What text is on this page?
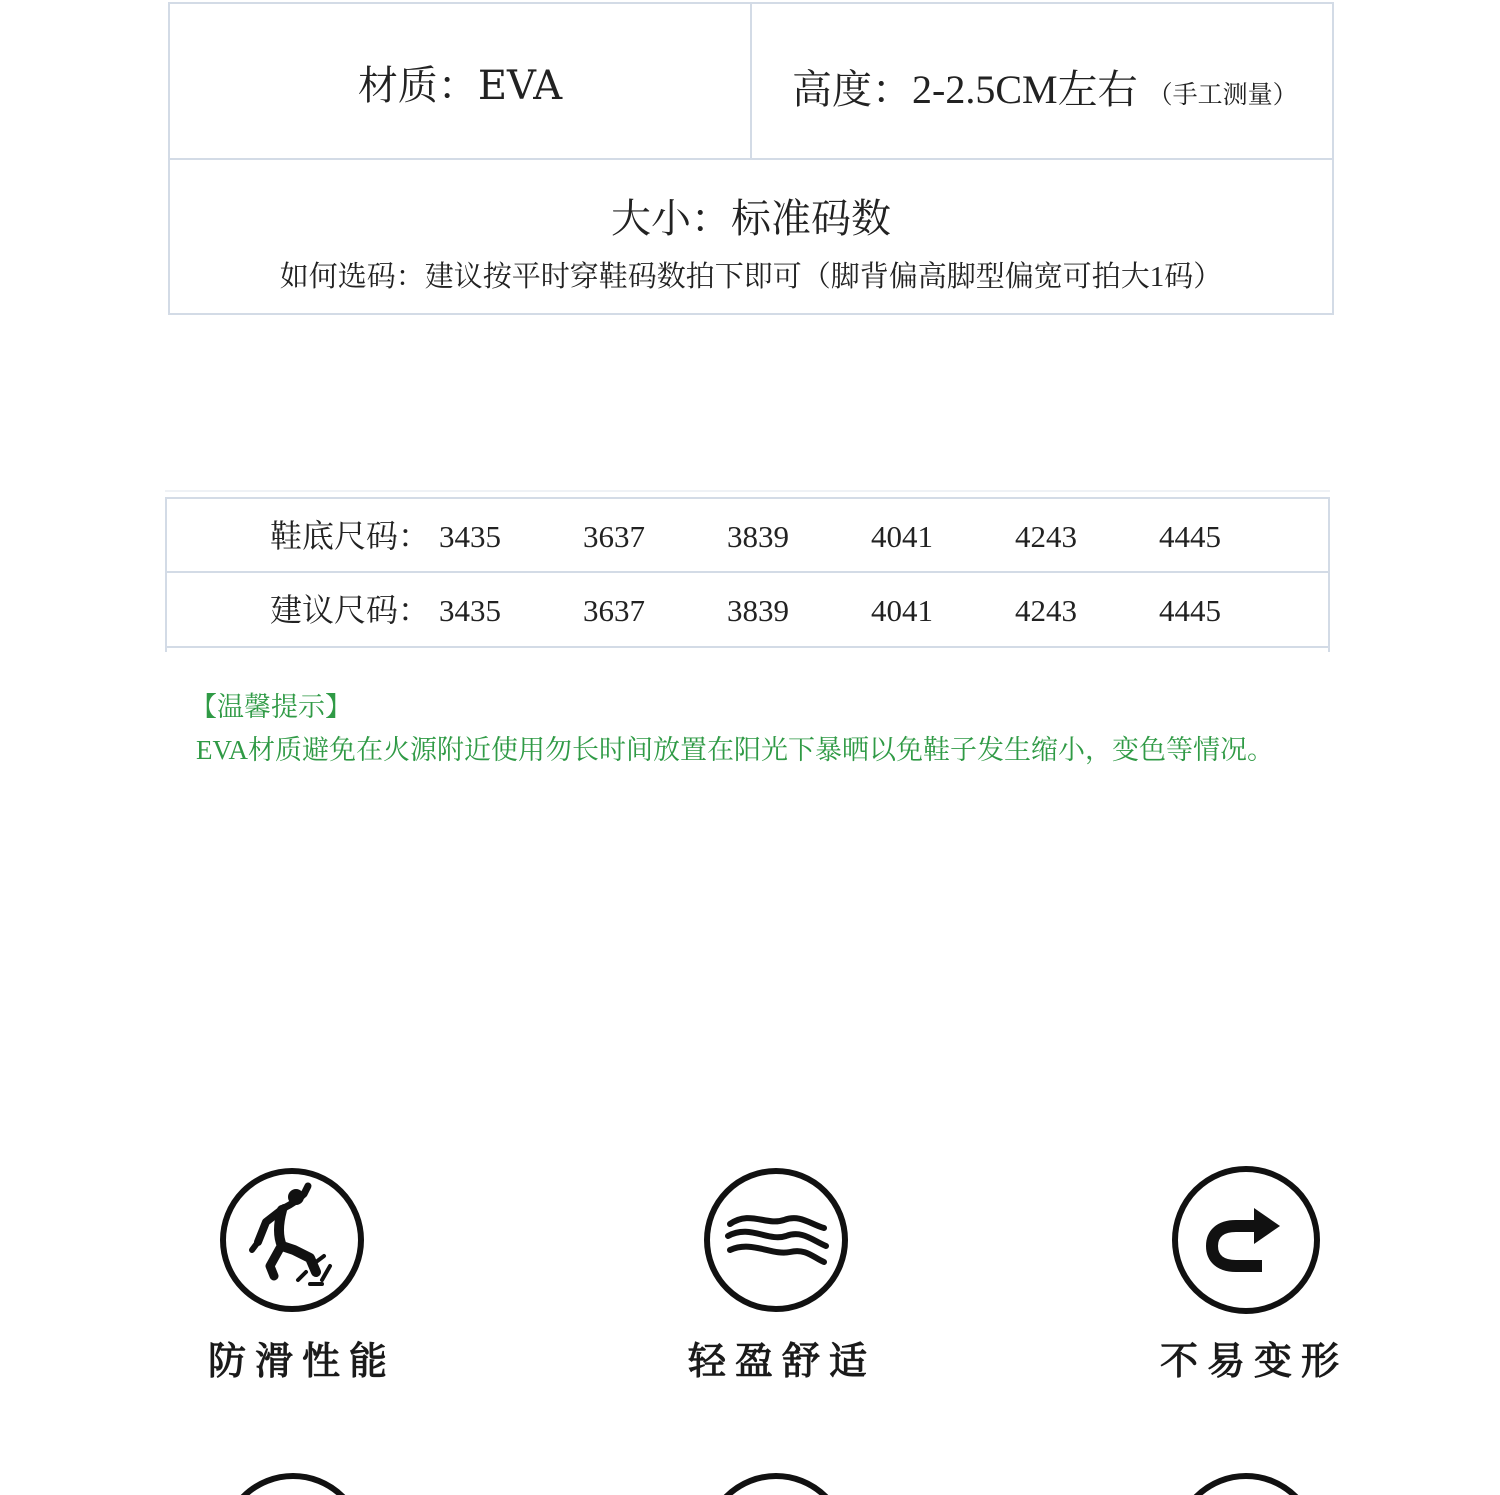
材质：EVA	高度：2-2.5CM左右 （手工测量）
大小：标准码数
如何选码：建议按平时穿鞋码数拍下即可（脚背偏高脚型偏宽可拍大1码）
鞋底尺码： 3435	3637	3839	4041	4243	4445
建议尺码： 3435	3637	3839	4041	4243	4445
【温馨提示】
EVA材质避免在火源附近使用勿长时间放置在阳光下暴晒以免鞋子发生缩小，变色等情况。
防滑性能	轻盈舒适	不易变形
